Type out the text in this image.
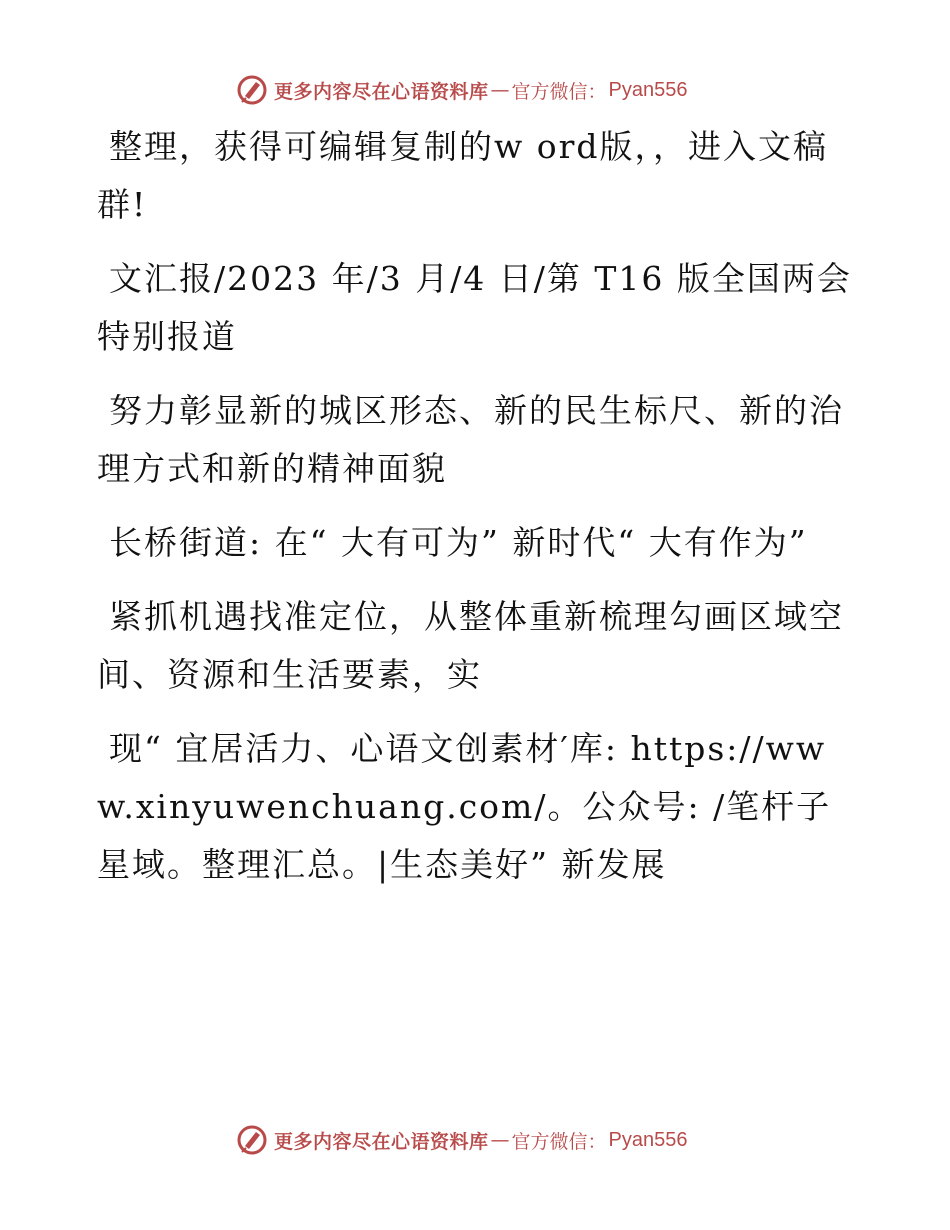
更多内容尽在心语资料库 — 官方微信： Pyan556

整理，获得可编辑复制的w ord版，，进入文稿群!

文汇报/2023 年/3 月/4 日/第 T16 版全国两会特别报道

努力彰显新的城区形态、新的民生标尺、新的治理方式和新的精神面貌

长桥街道: 在“ 大有可为” 新时代“ 大有作为”

紧抓机遇找准定位，从整体重新梳理勾画区域空间、资源和生活要素，实

现“ 宜居活力、心语文创素材′库: https://www.xinyuwenchuang.com/。公众号: /笔杆子星域。整理汇总。|生态美好” 新发展

更多内容尽在心语资料库 — 官方微信： Pyan556
